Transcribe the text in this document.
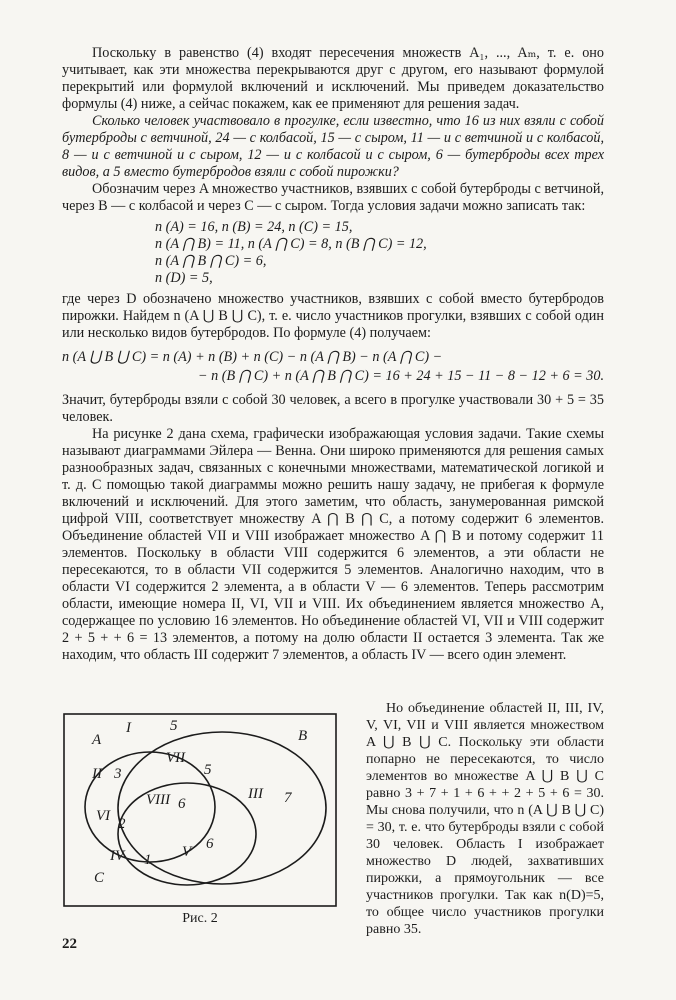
Поскольку в равенство (4) входят пересечения множеств A₁, ..., Aₘ, т. е. оно учитывает, как эти множества перекрываются друг с другом, его называют формулой перекрытий или формулой включений и исключений. Мы приведем доказательство формулы (4) ниже, а сейчас покажем, как ее применяют для решения задач.

Сколько человек участвовало в прогулке, если известно, что 16 из них взяли с собой бутерброды с ветчиной, 24 — с колбасой, 15 — с сыром, 11 — и с ветчиной и с колбасой, 8 — и с ветчиной и с сыром, 12 — и с колбасой и с сыром, 6 — бутерброды всех трех видов, а 5 вместо бутербродов взяли с собой пирожки?

Обозначим через A множество участников, взявших с собой бутерброды с ветчиной, через B — с колбасой и через C — с сыром. Тогда условия задачи можно записать так:

n (A) = 16, n (B) = 24, n (C) = 15,
n (A ⋂ B) = 11, n (A ⋂ C) = 8, n (B ⋂ C) = 12,
n (A ⋂ B ⋂ C) = 6,
n (D) = 5,

где через D обозначено множество участников, взявших с собой вместо бутербродов пирожки. Найдем n (A ⋃ B ⋃ C), т. е. число участников прогулки, взявших с собой один или несколько видов бутербродов. По формуле (4) получаем:

n (A ⋃ B ⋃ C) = n (A) + n (B) + n (C) − n (A ⋂ B) − n (A ⋂ C) −
− n (B ⋂ C) + n (A ⋂ B ⋂ C) = 16 + 24 + 15 − 11 − 8 − 12 + 6 = 30.

Значит, бутерброды взяли с собой 30 человек, а всего в прогулке участвовали 30 + 5 = 35 человек.

На рисунке 2 дана схема, графически изображающая условия задачи. Такие схемы называют диаграммами Эйлера — Венна. Они широко применяются для решения самых разнообразных задач, связанных с конечными множествами, математической логикой и т. д. С помощью такой диаграммы можно решить нашу задачу, не прибегая к формуле включений и исключений. Для этого заметим, что область, занумерованная римской цифрой VIII, соответствует множеству A ⋂ B ⋂ C, а потому содержит 6 элементов. Объединение областей VII и VIII изображает множество A ⋂ B и потому содержит 11 элементов. Поскольку в области VIII содержится 6 элементов, а эти области не пересекаются, то в области VII содержится 5 элементов. Аналогично находим, что в области VI содержится 2 элемента, а в области V — 6 элементов. Теперь рассмотрим области, имеющие номера II, VI, VII и VIII. Их объединением является множество A, содержащее по условию 16 элементов. Но объединение областей VI, VII и VIII содержит 2 + 5 + + 6 = 13 элементов, а потому на долю области II остается 3 элемента. Так же находим, что область III содержит 7 элементов, а область IV — всего один элемент.

A	B
C
I	5
II 3
III 7
IV 1 V 6
VI 2
VII
5
VIII 6
Рис. 2

Но объединение областей II, III, IV, V, VI, VII и VIII является множеством A ⋃ B ⋃ C. Поскольку эти области попарно не пересекаются, то число элементов во множестве A ⋃ B ⋃ C равно 3 + 7 + 1 + 6 + + 2 + 5 + 6 = 30. Мы снова получили, что n (A ⋃ B ⋃ C) = 30, т. е. что бутерброды взяли с собой 30 человек. Область I изображает множество D людей, захвативших пирожки, а прямоугольник — все участников прогулки. Так как n(D)=5, то общее число участников прогулки равно 35.

22
